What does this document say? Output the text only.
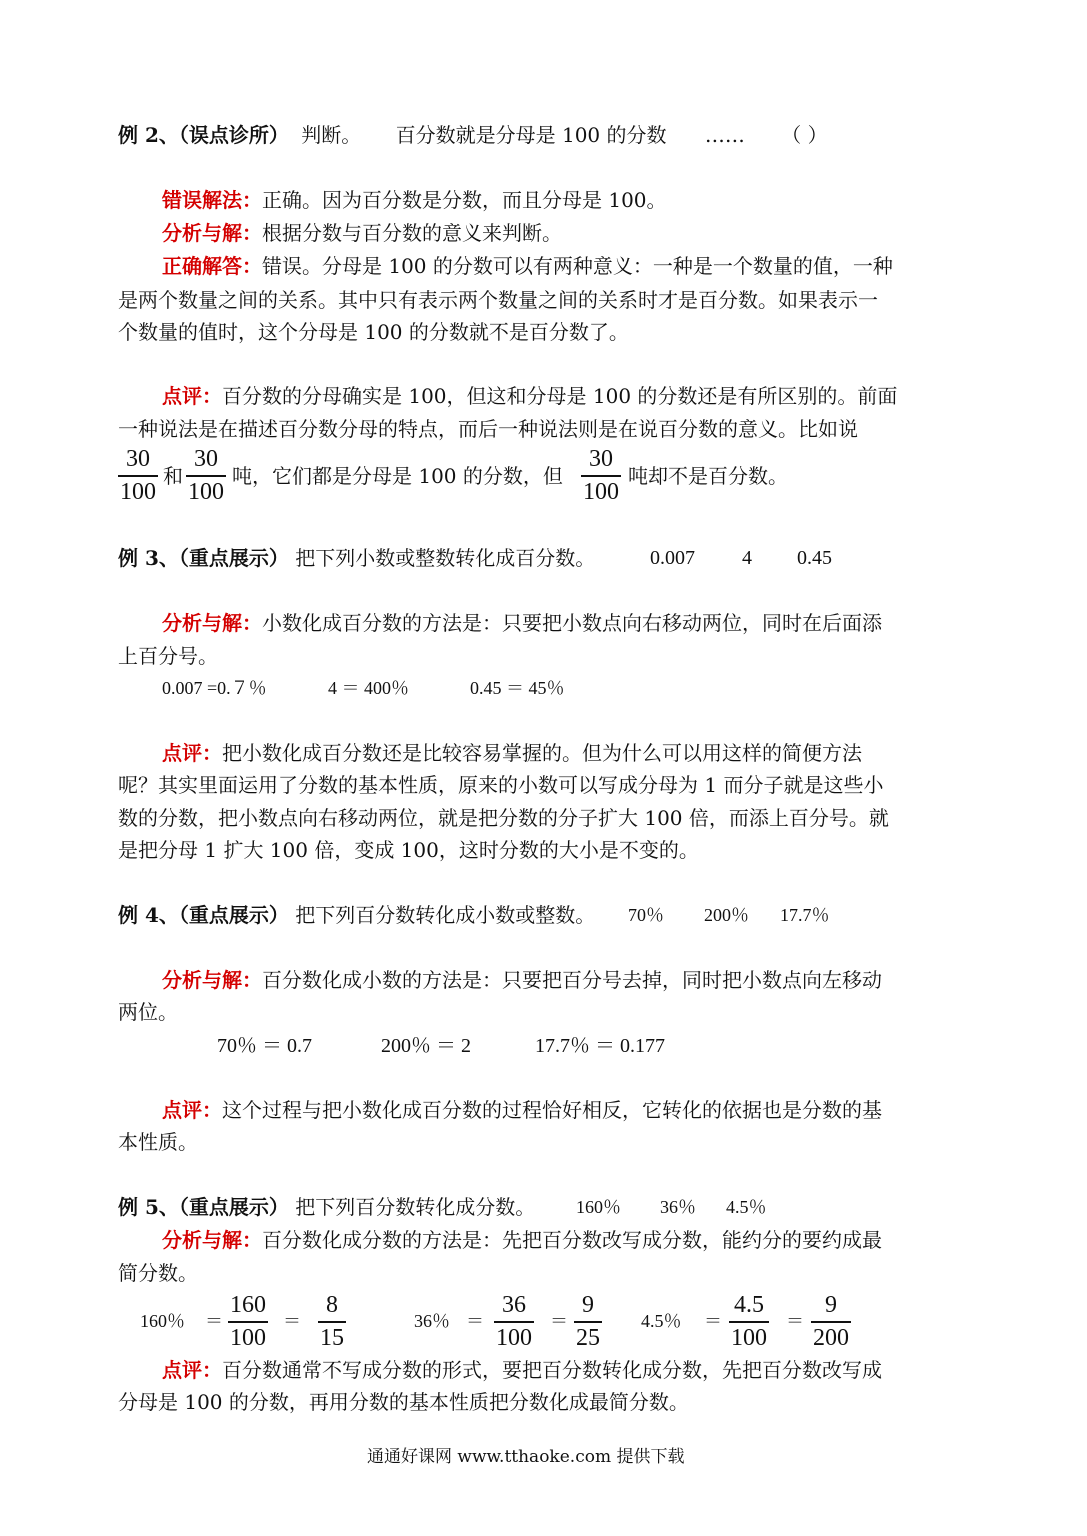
例 2、（误点诊所） 判断。 百分数就是分母是 100 的分数 …… （ ）
错误解法：正确。因为百分数是分数，而且分母是 100。
分析与解：根据分数与百分数的意义来判断。
正确解答：错误。分母是 100 的分数可以有两种意义：一种是一个数量的值，一种
是两个数量之间的关系。其中只有表示两个数量之间的关系时才是百分数。如果表示一
个数量的值时，这个分母是 100 的分数就不是百分数了。
点评：百分数的分母确实是 100，但这和分母是 100 的分数还是有所区别的。前面
一种说法是在描述百分数分母的特点，而后一种说法则是在说百分数的意义。比如说
30
100
和
30
100
吨，它们都是分母是 100 的分数，但
30
100
吨却不是百分数。
例 3、（重点展示） 把下列小数或整数转化成百分数。	0.007 4 0.45
分析与解：小数化成百分数的方法是：只要把小数点向右移动两位，同时在后面添
上百分号。
0.007 =0.７％	4 ＝ 400％	0.45 ＝ 45％
点评：把小数化成百分数还是比较容易掌握的。但为什么可以用这样的简便方法
呢？其实里面运用了分数的基本性质，原来的小数可以写成分母为 1 而分子就是这些小
数的分数，把小数点向右移动两位，就是把分数的分子扩大 100 倍，而添上百分号。就
是把分母 1 扩大 100 倍，变成 100，这时分数的大小是不变的。
例 4、（重点展示） 把下列百分数转化成小数或整数。 70％ 200％ 17.7％
分析与解：百分数化成小数的方法是：只要把百分号去掉，同时把小数点向左移动
两位。
70％ ＝ 0.7	200％ ＝ 2	17.7％ ＝ 0.177
点评：这个过程与把小数化成百分数的过程恰好相反，它转化的依据也是分数的基
本性质。
例 5、（重点展示） 把下列百分数转化成分数。 160％ 36％ 4.5％
分析与解：百分数化成分数的方法是：先把百分数改写成分数，能约分的要约成最
简分数。
160％ ＝
160
100
＝
8
15
36％ ＝
36
100
＝
9
25
4.5％ ＝
4.5
100
＝
9
200
点评：百分数通常不写成分数的形式，要把百分数转化成分数，先把百分数改写成
分母是 100 的分数，再用分数的基本性质把分数化成最简分数。
通通好课网 www.tthaoke.com 提供下载
